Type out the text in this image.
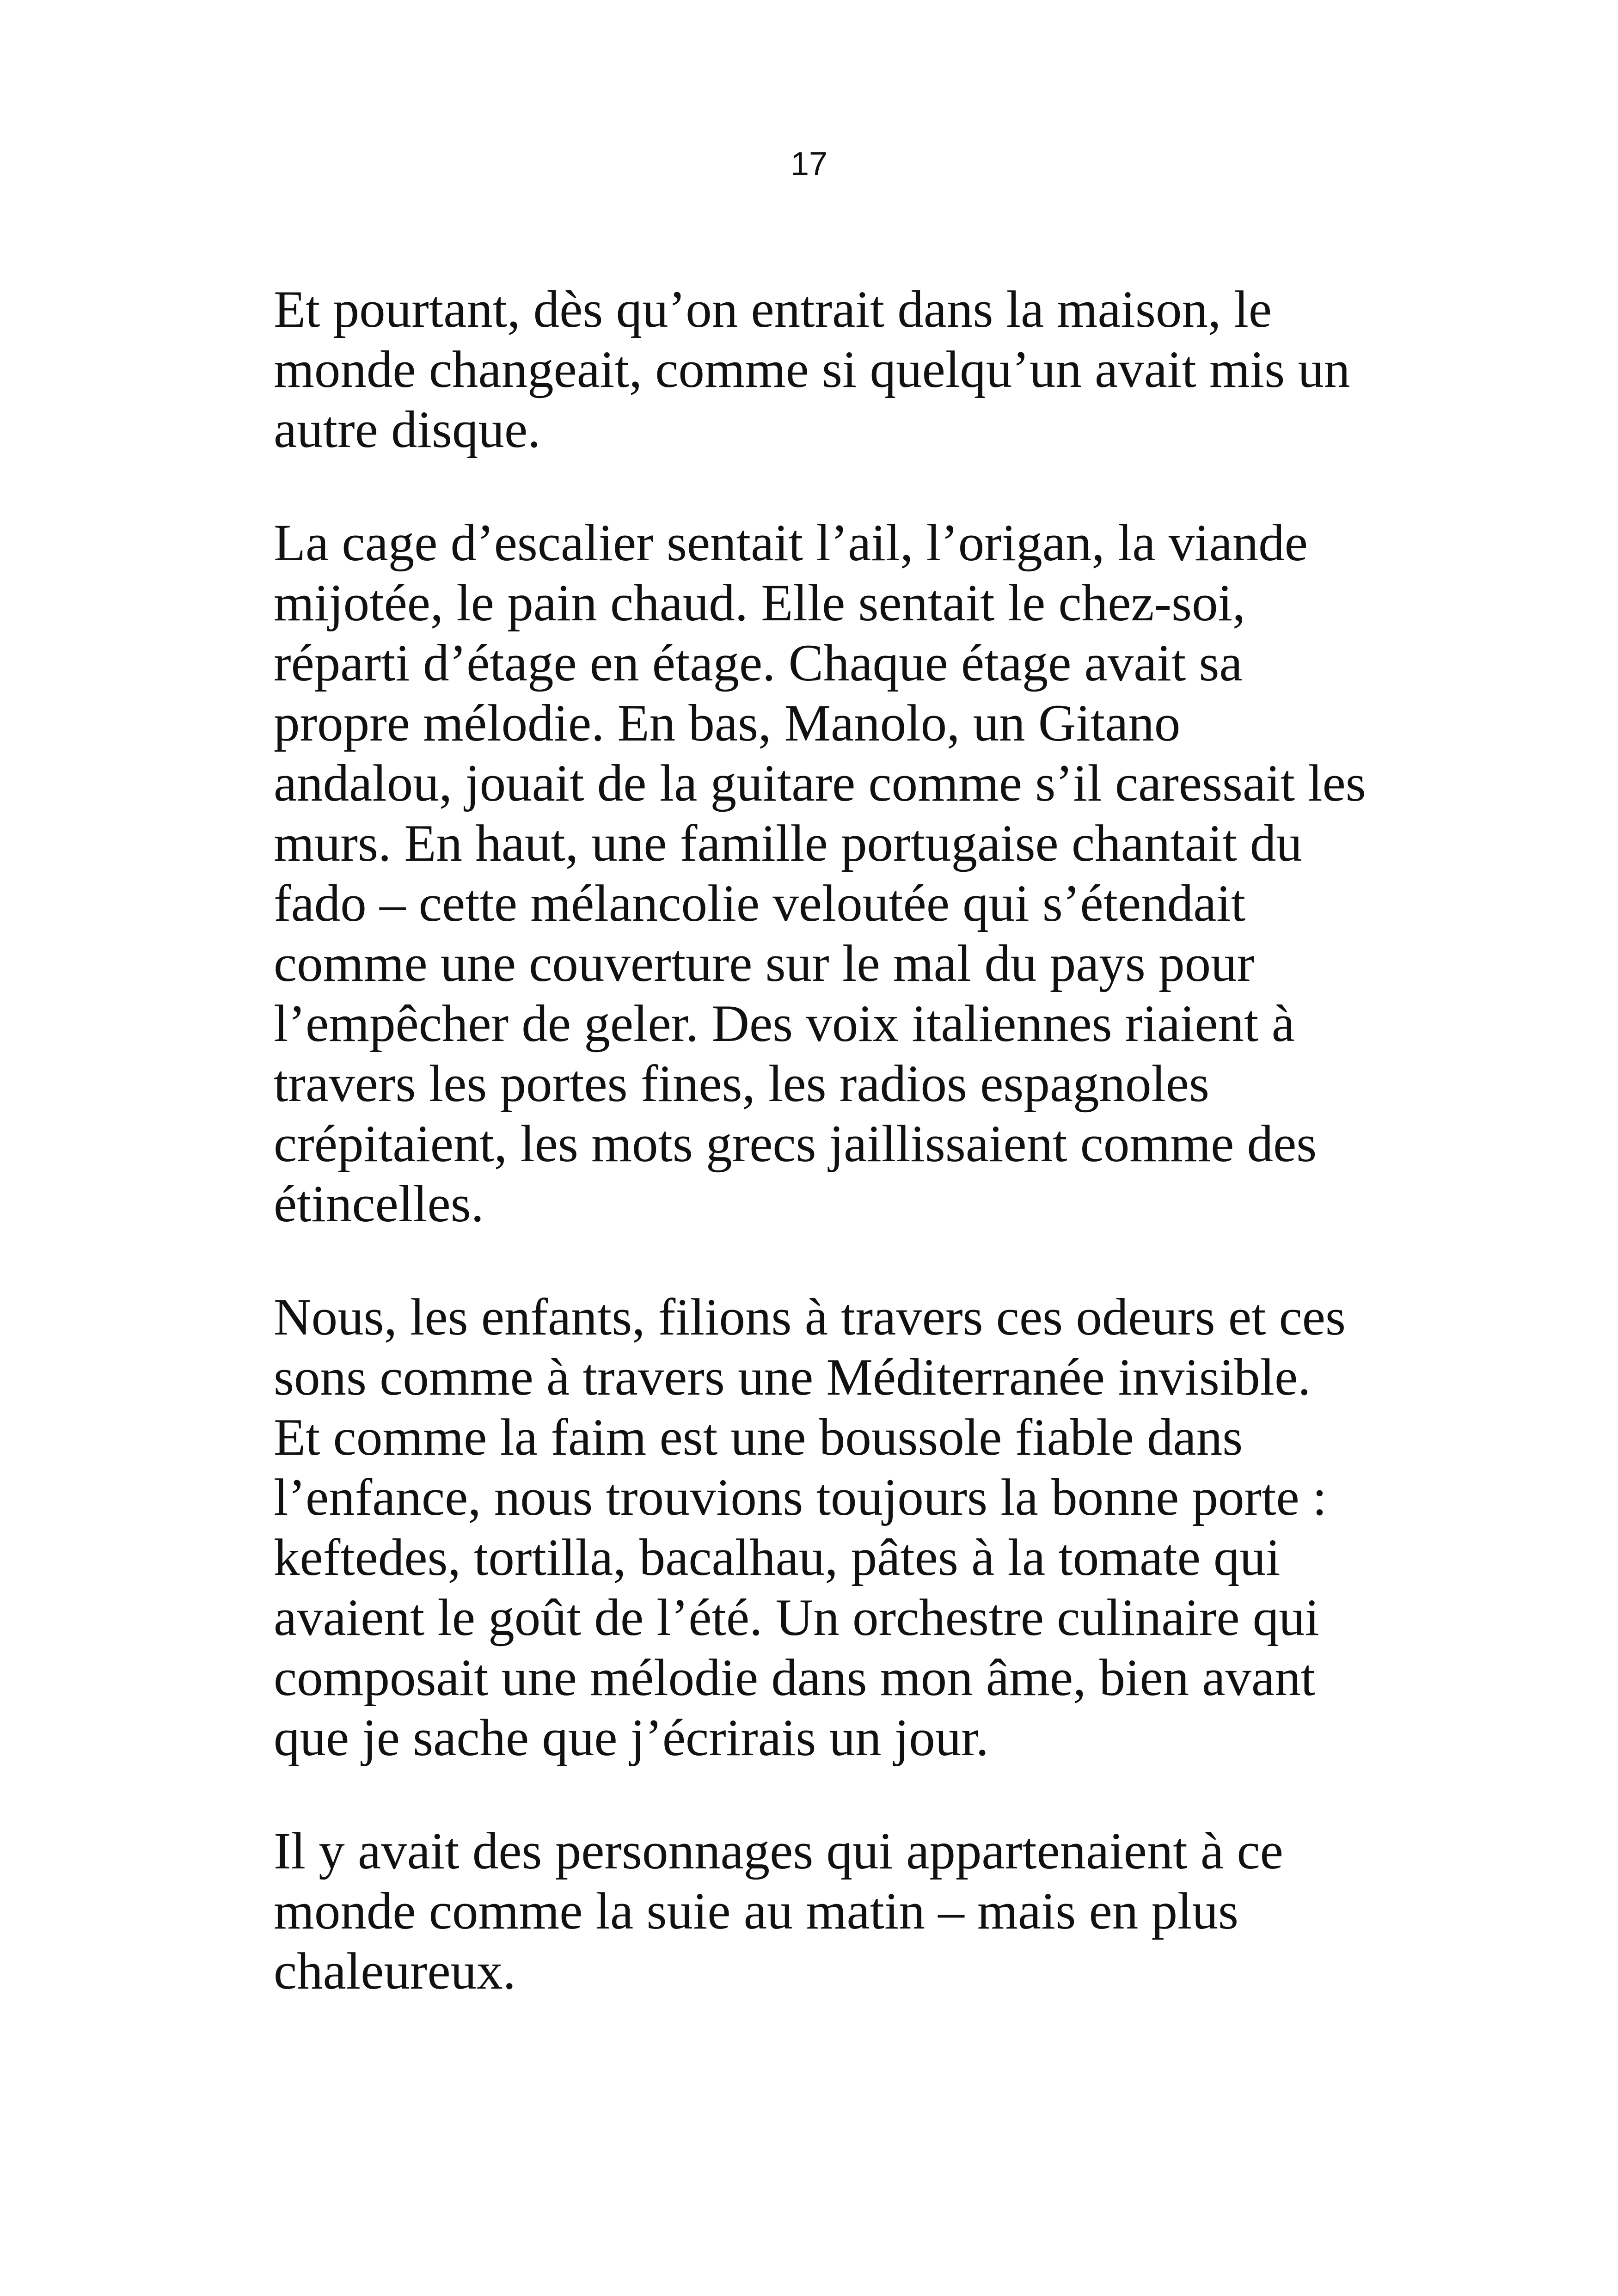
17
Et pourtant, dès qu’on entrait dans la maison, le
monde changeait, comme si quelqu’un avait mis un
autre disque.
La cage d’escalier sentait l’ail, l’origan, la viande
mijotée, le pain chaud. Elle sentait le chez-soi,
réparti d’étage en étage. Chaque étage avait sa
propre mélodie. En bas, Manolo, un Gitano
andalou, jouait de la guitare comme s’il caressait les
murs. En haut, une famille portugaise chantait du
fado – cette mélancolie veloutée qui s’étendait
comme une couverture sur le mal du pays pour
l’empêcher de geler. Des voix italiennes riaient à
travers les portes fines, les radios espagnoles
crépitaient, les mots grecs jaillissaient comme des
étincelles.
Nous, les enfants, filions à travers ces odeurs et ces
sons comme à travers une Méditerranée invisible.
Et comme la faim est une boussole fiable dans
l’enfance, nous trouvions toujours la bonne porte :
keftedes, tortilla, bacalhau, pâtes à la tomate qui
avaient le goût de l’été. Un orchestre culinaire qui
composait une mélodie dans mon âme, bien avant
que je sache que j’écrirais un jour.
Il y avait des personnages qui appartenaient à ce
monde comme la suie au matin – mais en plus
chaleureux.
